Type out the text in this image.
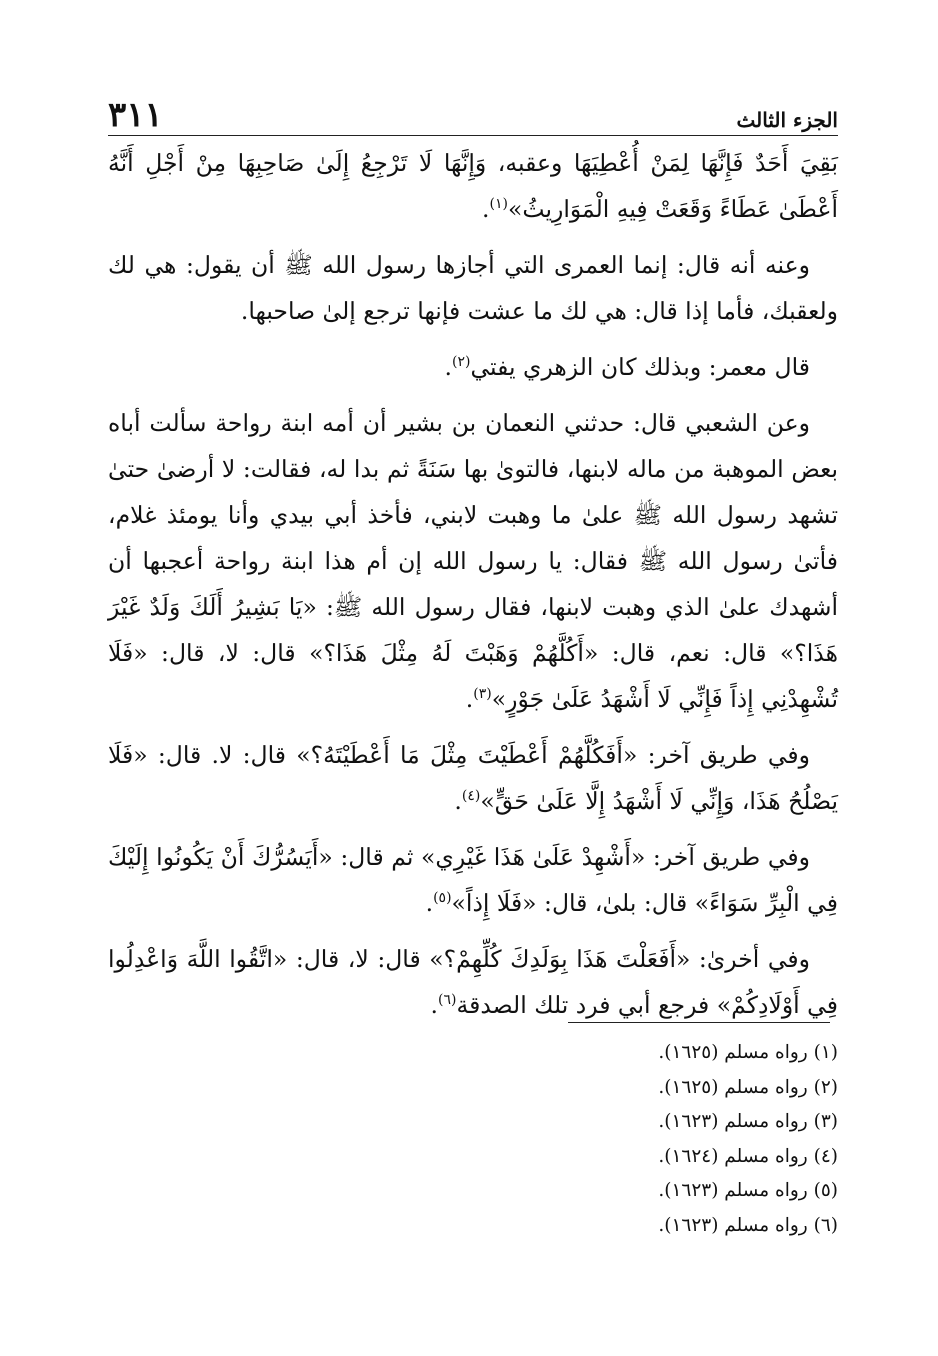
الجزء الثالث
٣١١

بَقِيَ أَحَدٌ فَإِنَّهَا لِمَنْ أُعْطِيَهَا وعقبه، وَإِنَّهَا لَا تَرْجِعُ إِلَىٰ صَاحِبِهَا مِنْ أَجْلِ أَنَّهُ أَعْطَىٰ عَطَاءً وَقَعَتْ فِيهِ الْمَوَارِيثُ»$^{(١)}$.

وعنه أنه قال: إنما العمرى التي أجازها رسول الله ﷺ أن يقول: هي لك ولعقبك، فأما إذا قال: هي لك ما عشت فإنها ترجع إلىٰ صاحبها.

قال معمر: وبذلك كان الزهري يفتي$^{(٢)}$.

وعن الشعبي قال: حدثني النعمان بن بشير أن أمه ابنة رواحة سألت أباه بعض الموهبة من ماله لابنها، فالتوىٰ بها سَنَةً ثم بدا له، فقالت: لا أرضىٰ حتىٰ تشهد رسول الله ﷺ علىٰ ما وهبت لابني، فأخذ أبي بيدي وأنا يومئذ غلام، فأتىٰ رسول الله ﷺ فقال: يا رسول الله إن أم هذا ابنة رواحة أعجبها أن أشهدك علىٰ الذي وهبت لابنها، فقال رسول الله ﷺ: «يَا بَشِيرُ أَلَكَ وَلَدٌ غَيْرَ هَذَا؟» قال: نعم، قال: «أَكُلَّهُمْ وَهَبْتَ لَهُ مِثْلَ هَذَا؟» قال: لا، قال: «فَلَا تُشْهِدْنِي إِذاً فَإِنِّي لَا أَشْهَدُ عَلَىٰ جَوْرٍ»$^{(٣)}$.

وفي طريق آخر: «أَفَكُلَّهُمْ أَعْطَيْتَ مِثْلَ مَا أَعْطَيْتَهُ؟» قال: لا. قال: «فَلَا يَصْلُحُ هَذَا، وَإِنِّي لَا أَشْهَدُ إِلَّا عَلَىٰ حَقٍّ»$^{(٤)}$.

وفي طريق آخر: «أَشْهِدْ عَلَىٰ هَذَا غَيْرِي» ثم قال: «أَيَسُرُّكَ أَنْ يَكُونُوا إِلَيْكَ فِي الْبِرِّ سَوَاءً» قال: بلىٰ، قال: «فَلَا إِذاً»$^{(٥)}$.

وفي أخرىٰ: «أَفَعَلْتَ هَذَا بِوَلَدِكَ كُلِّهِمْ؟» قال: لا، قال: «اتَّقُوا اللَّهَ وَاعْدِلُوا فِي أَوْلَادِكُمْ» فرجع أبي فرد تلك الصدقة$^{(٦)}$.

(١) رواه مسلم (١٦٢٥).
(٢) رواه مسلم (١٦٢٥).
(٣) رواه مسلم (١٦٢٣).
(٤) رواه مسلم (١٦٢٤).
(٥) رواه مسلم (١٦٢٣).
(٦) رواه مسلم (١٦٢٣).
